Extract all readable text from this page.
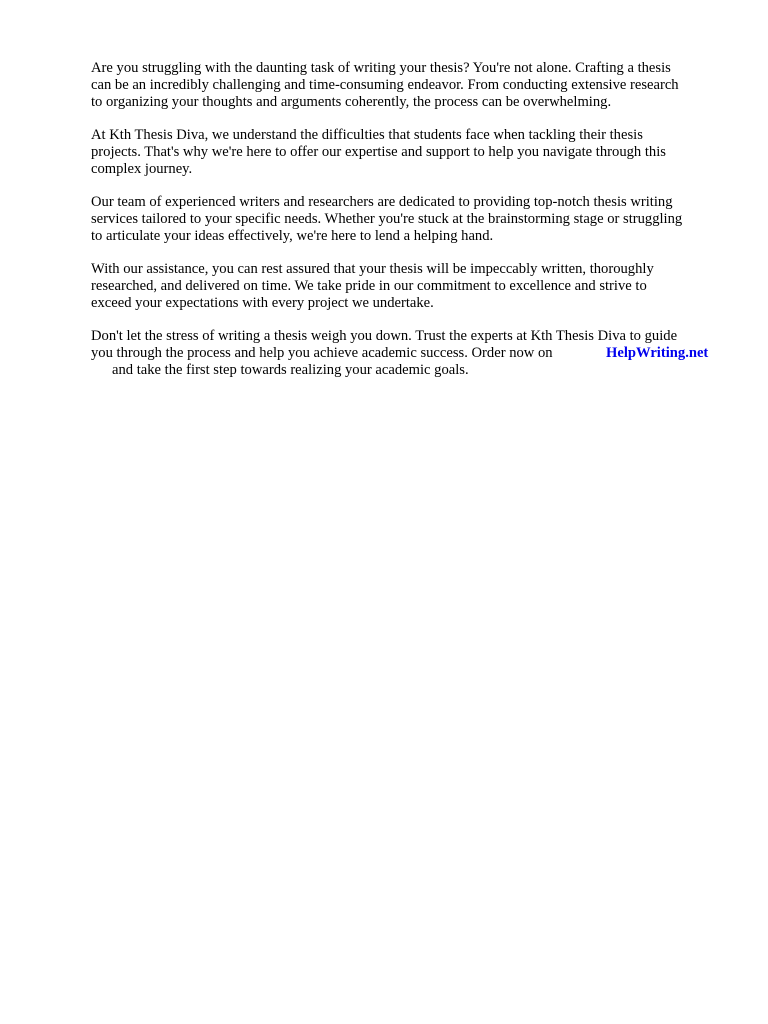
Are you struggling with the daunting task of writing your thesis? You're not alone. Crafting a thesis
can be an incredibly challenging and time-consuming endeavor. From conducting extensive research
to organizing your thoughts and arguments coherently, the process can be overwhelming.

At Kth Thesis Diva, we understand the difficulties that students face when tackling their thesis
projects. That's why we're here to offer our expertise and support to help you navigate through this
complex journey.

Our team of experienced writers and researchers are dedicated to providing top-notch thesis writing
services tailored to your specific needs. Whether you're stuck at the brainstorming stage or struggling
to articulate your ideas effectively, we're here to lend a helping hand.

With our assistance, you can rest assured that your thesis will be impeccably written, thoroughly
researched, and delivered on time. We take pride in our commitment to excellence and strive to
exceed your expectations with every project we undertake.

Don't let the stress of writing a thesis weigh you down. Trust the experts at Kth Thesis Diva to guide
you through the process and help you achieve academic success. Order now on	HelpWriting.net
and take the first step towards realizing your academic goals.
